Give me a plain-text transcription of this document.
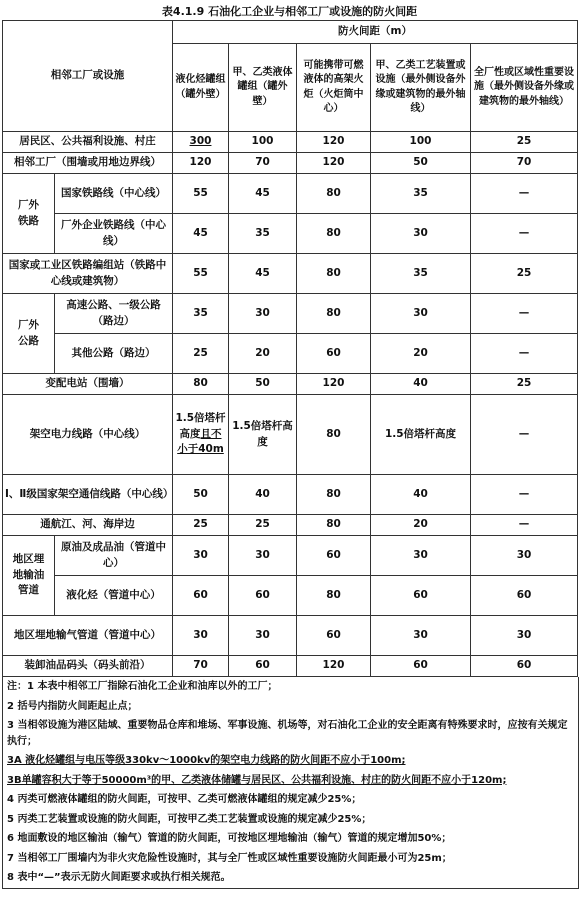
表4.1.9 石油化工企业与相邻工厂或设施的防火间距
相邻工厂或设施		防火间距（m）				
		液化烃罐组（罐外壁）	甲、乙类液体罐组（罐外壁）	可能携带可燃液体的高架火炬（火炬筒中心）	甲、乙类工艺装置或设施（最外侧设备外缘或建筑物的最外轴线）	全厂性或区域性重要设施（最外侧设备外缘或建筑物的最外轴线）
居民区、公共福利设施、村庄		300	100	120	100	25
相邻工厂（围墙或用地边界线）		120	70	120	50	70
厂外铁路	国家铁路线（中心线）	55	45	80	35	—
	厂外企业铁路线（中心线）	45	35	80	30	—
国家或工业区铁路编组站（铁路中心线或建筑物）		55	45	80	35	25
厂外公路	高速公路、一级公路（路边）	35	30	80	30	—
	其他公路（路边）	25	20	60	20	—
变配电站（围墙）		80	50	120	40	25
架空电力线路（中心线）		1.5倍塔杆高度且不小于40m	1.5倍塔杆高度	80	1.5倍塔杆高度	—
Ⅰ、Ⅱ级国家架空通信线路（中心线）		50	40	80	40	—
通航江、河、海岸边		25	25	80	20	—
地区埋地输油管道	原油及成品油（管道中心）	30	30	60	30	30
	液化烃（管道中心）	60	60	80	60	60
地区埋地输气管道（管道中心）		30	30	60	30	30
装卸油品码头（码头前沿）		70	60	120	60	60
注：1 本表中相邻工厂指除石油化工企业和油库以外的工厂；
2 括号内指防火间距起止点；
3 当相邻设施为港区陆域、重要物品仓库和堆场、军事设施、机场等，对石油化工企业的安全距离有特殊要求时，应按有关规定执行；
3A 液化烃罐组与电压等级330kv～1000kv的架空电力线路的防火间距不应小于100m;
3B单罐容积大于等于50000m³的甲、乙类液体储罐与居民区、公共福利设施、村庄的防火间距不应小于120m;
4 丙类可燃液体罐组的防火间距，可按甲、乙类可燃液体罐组的规定减少25%；
5 丙类工艺装置或设施的防火间距，可按甲乙类工艺装置或设施的规定减少25%；
6 地面敷设的地区输油（输气）管道的防火间距，可按地区埋地输油（输气）管道的规定增加50%；
7 当相邻工厂围墙内为非火灾危险性设施时，其与全厂性或区域性重要设施防火间距最小可为25m；
8 表中“—”表示无防火间距要求或执行相关规范。
